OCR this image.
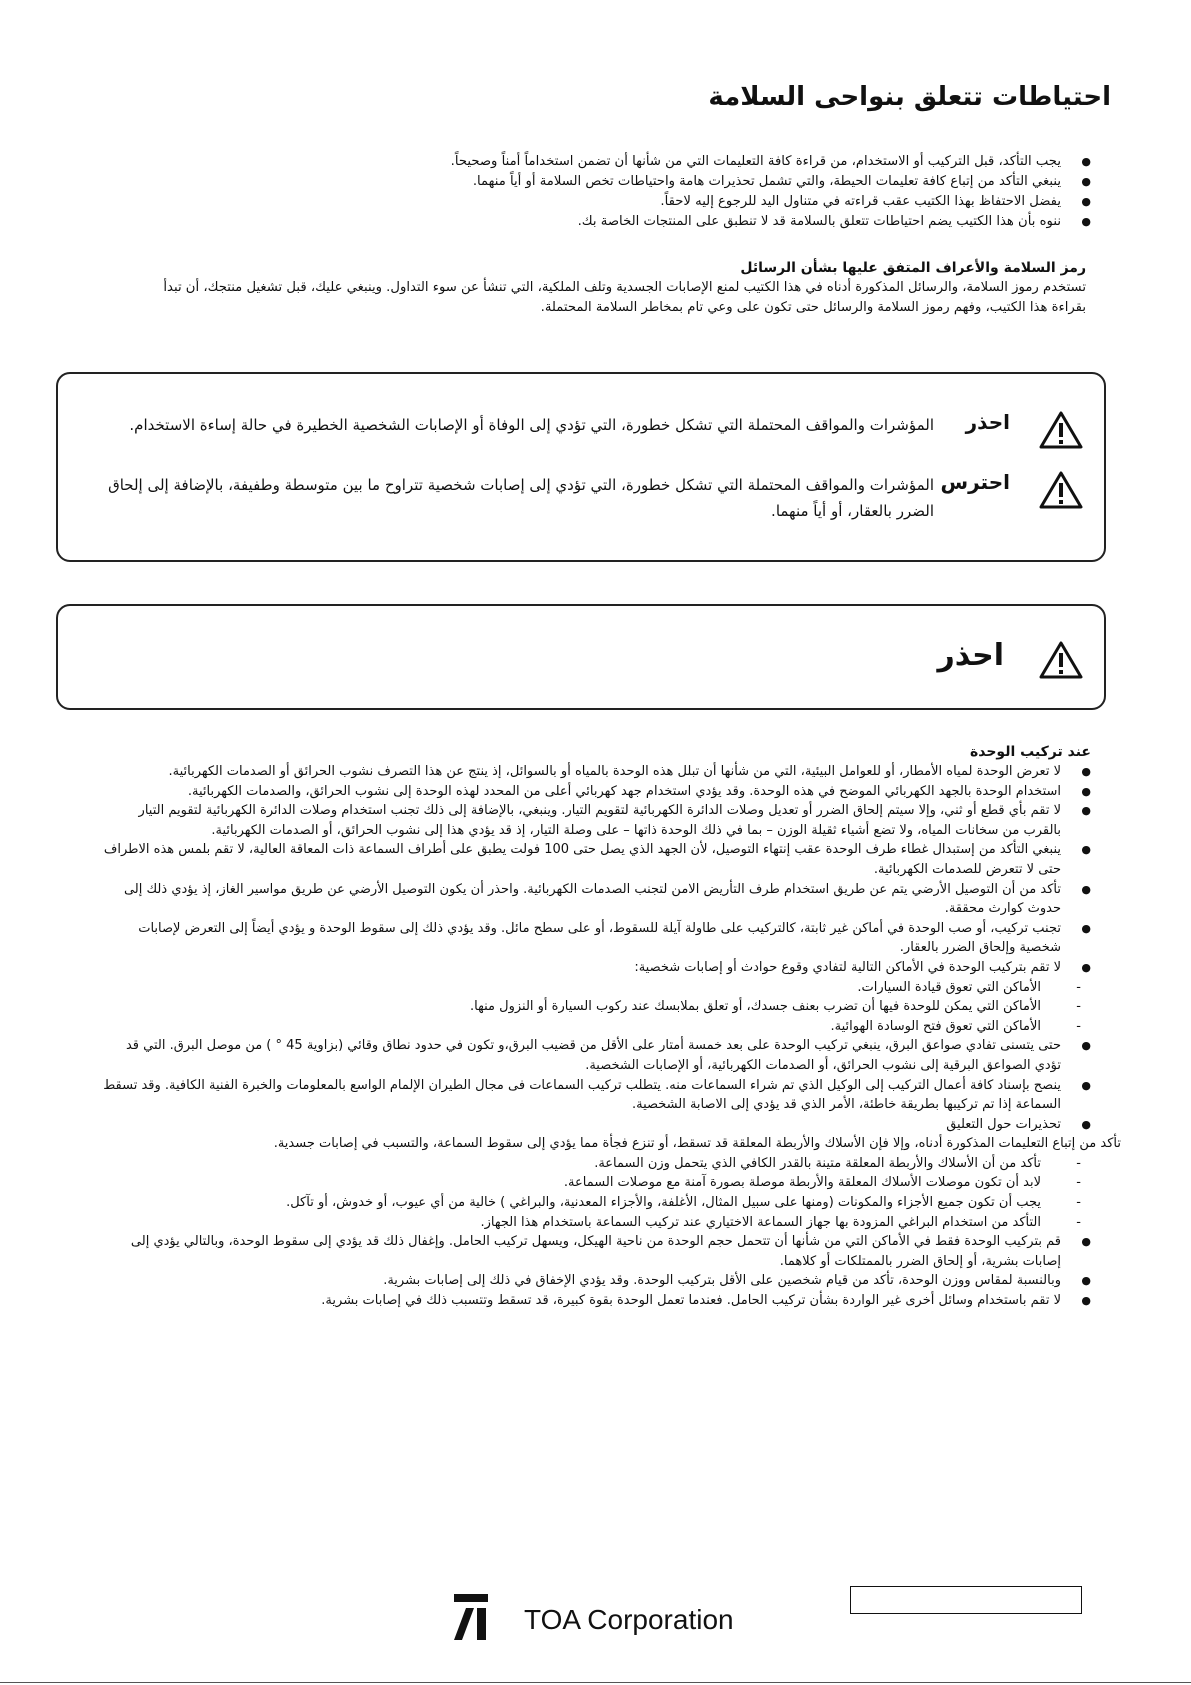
احتياطات تتعلق بنواحى السلامة
● يجب التأكد، قبل التركيب أو الاستخدام، من قراءة كافة التعليمات التي من شأنها أن تضمن استخداماً أمناً وصحيحاً.
● ينبغي التأكد من إتباع كافة تعليمات الحيطة، والتي تشمل تحذيرات هامة واحتياطات تخص السلامة أو أياً منهما.
● يفضل الاحتفاظ بهذا الكتيب عقب قراءته في متناول اليد للرجوع إليه لاحقاً.
● ننوه بأن هذا الكتيب يضم احتياطات تتعلق بالسلامة قد لا تنطبق على المنتجات الخاصة بك.

رمز السلامة والأعراف المتفق عليها بشأن الرسائل

تستخدم رموز السلامة، والرسائل المذكورة أدناه في هذا الكتيب لمنع الإصابات الجسدية وتلف الملكية، التي تنشأ عن سوء التداول. وينبغي عليك، قبل تشغيل منتجك، أن تبدأ بقراءة هذا الكتيب، وفهم رموز السلامة والرسائل حتى تكون على وعي تام بمخاطر السلامة المحتملة.

احذر
المؤشرات والمواقف المحتملة التي تشكل خطورة، التي تؤدي إلى الوفاة أو الإصابات الشخصية الخطيرة في حالة إساءة الاستخدام.
احترس
المؤشرات والمواقف المحتملة التي تشكل خطورة، التي تؤدي إلى إصابات شخصية تتراوح ما بين متوسطة وطفيفة، بالإضافة إلى إلحاق الضرر بالعقار، أو أياً منهما.
احذر

عند تركيب الوحدة

● لا تعرض الوحدة لمياه الأمطار، أو للعوامل البيئية، التي من شأنها أن تبلل هذه الوحدة بالمياه أو بالسوائل، إذ ينتج عن هذا التصرف نشوب الحرائق أو الصدمات الكهربائية.
● استخدام الوحدة بالجهد الكهربائي الموضح في هذه الوحدة. وقد يؤدي استخدام جهد كهربائي أعلى من المحدد لهذه الوحدة إلى نشوب الحرائق، والصدمات الكهربائية.
● لا تقم بأي قطع أو ثني، وإلا سيتم إلحاق الضرر أو تعديل وصلات الدائرة الكهربائية لتقويم التيار. وينبغي، بالإضافة إلى ذلك تجنب استخدام وصلات الدائرة الكهربائية لتقويم التيار بالقرب من سخانات المياه، ولا تضع أشياء ثقيلة الوزن – بما في ذلك الوحدة ذاتها – على وصلة التيار، إذ قد يؤدي هذا إلى نشوب الحرائق، أو الصدمات الكهربائية.
● ينبغي التأكد من إستبدال غطاء طرف الوحدة عقب إنتهاء التوصيل، لأن الجهد الذي يصل حتى 100 فولت يطبق على أطراف السماعة ذات المعاقة العالية، لا تقم بلمس هذه الاطراف حتى لا تتعرض للصدمات الكهربائية.
● تأكد من أن التوصيل الأرضي يتم عن طريق استخدام طرف التأريض الامن لتجنب الصدمات الكهربائية. واحذر أن يكون التوصيل الأرضي عن طريق مواسير الغاز، إذ يؤدي ذلك إلى حدوث كوارث محققة.
● تجنب تركيب، أو صب الوحدة في أماكن غير ثابتة، كالتركيب على طاولة آيلة للسقوط، أو على سطح مائل. وقد يؤدي ذلك إلى سقوط الوحدة و يؤدي أيضاً إلى التعرض لإصابات شخصية وإلحاق الضرر بالعقار.
● لا تقم بتركيب الوحدة في الأماكن التالية لتفادي وقوع حوادث أو إصابات شخصية:
- الأماكن التي تعوق قيادة السيارات.
- الأماكن التي يمكن للوحدة فيها أن تضرب بعنف جسدك، أو تعلق بملابسك عند ركوب السيارة أو النزول منها.
- الأماكن التي تعوق فتح الوسادة الهوائية.
● حتى يتسنى تفادي صواعق البرق، ينبغي تركيب الوحدة على بعد خمسة أمتار على الأقل من قضيب البرق،و تكون في حدود نطاق وقائي (بزاوية 45 ° ) من موصل البرق. التي قد تؤدي الصواعق البرقية إلى نشوب الحرائق، أو الصدمات الكهربائية، أو الإصابات الشخصية.
● ينصح بإسناد كافة أعمال التركيب إلى الوكيل الذي تم شراء السماعات منه. يتطلب تركيب السماعات فى مجال الطيران الإلمام الواسع بالمعلومات والخبرة الفنية الكافية. وقد تسقط السماعة إذا تم تركيبها بطريقة خاطئة، الأمر الذي قد يؤدي إلى الاصابة الشخصية.
● تحذيرات حول التعليق
تأكد من إتباع التعليمات المذكورة أدناه، وإلا فإن الأسلاك والأربطة المعلقة قد تسقط، أو تنزع فجأة مما يؤدي إلى سقوط السماعة، والتسبب في إصابات جسدية.
- تأكد من أن الأسلاك والأربطة المعلقة متينة بالقدر الكافي الذي يتحمل وزن السماعة.
- لابد أن تكون موصلات الأسلاك المعلقة والأربطة موصلة بصورة آمنة مع موصلات السماعة.
- يجب أن تكون جميع الأجزاء والمكونات (ومنها على سبيل المثال، الأغلفة، والأجزاء المعدنية، والبراغي ) خالية من أي عيوب، أو خدوش، أو تآكل.
- التأكد من استخدام البراغي المزودة بها جهاز السماعة الاختياري عند تركيب السماعة باستخدام هذا الجهاز.
● قم بتركيب الوحدة فقط في الأماكن التي من شأنها أن تتحمل حجم الوحدة من ناحية الهيكل، ويسهل تركيب الحامل. وإغفال ذلك قد يؤدي إلى سقوط الوحدة، وبالتالي يؤدي إلى إصابات بشرية، أو إلحاق الضرر بالممتلكات أو كلاهما.
● وبالنسبة لمقاس ووزن الوحدة، تأكد من قيام شخصين على الأقل بتركيب الوحدة. وقد يؤدي الإخفاق في ذلك إلى إصابات بشرية.
● لا تقم باستخدام وسائل أخرى غير الواردة بشأن تركيب الحامل. فعندما تعمل الوحدة بقوة كبيرة، قد تسقط وتتسبب ذلك في إصابات بشرية.
TOA Corporation
